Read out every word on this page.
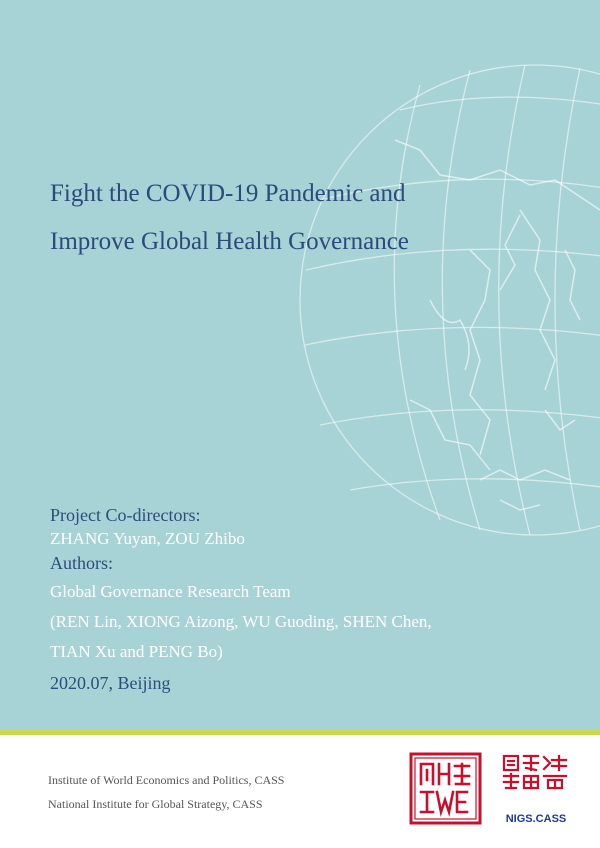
Fight the COVID-19 Pandemic and
Improve Global Health Governance
Project Co-directors:
ZHANG Yuyan, ZOU Zhibo
Authors:
Global Governance Research Team
(REN Lin, XIONG Aizong, WU Guoding, SHEN Chen,
TIAN Xu and PENG Bo)
2020.07, Beijing
Institute of World Economics and Politics, CASS
National Institute for Global Strategy, CASS
NIGS.CASS
